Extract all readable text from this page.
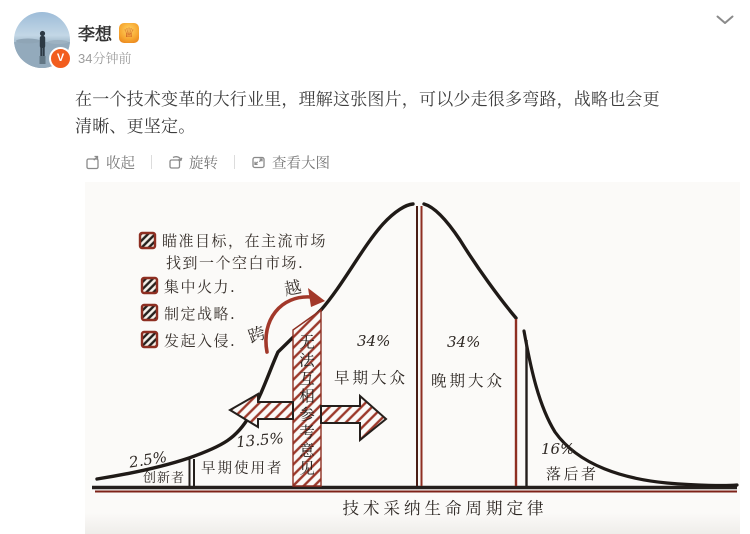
V
李想 ♕
34分钟前

在一个技术变革的大行业里，理解这张图片，可以少走很多弯路，战略也会更清晰、更坚定。

收起	旋转	查看大图
无法互相参考意见
跨
越
瞄准目标，在主流市场
找到一个空白市场.
集中火力.
制定战略.
发起入侵.
2.5%
创新者
13.5%
早期使用者
34%
早期大众
34%
晚期大众
16%
落后者
技术采纳生命周期定律
